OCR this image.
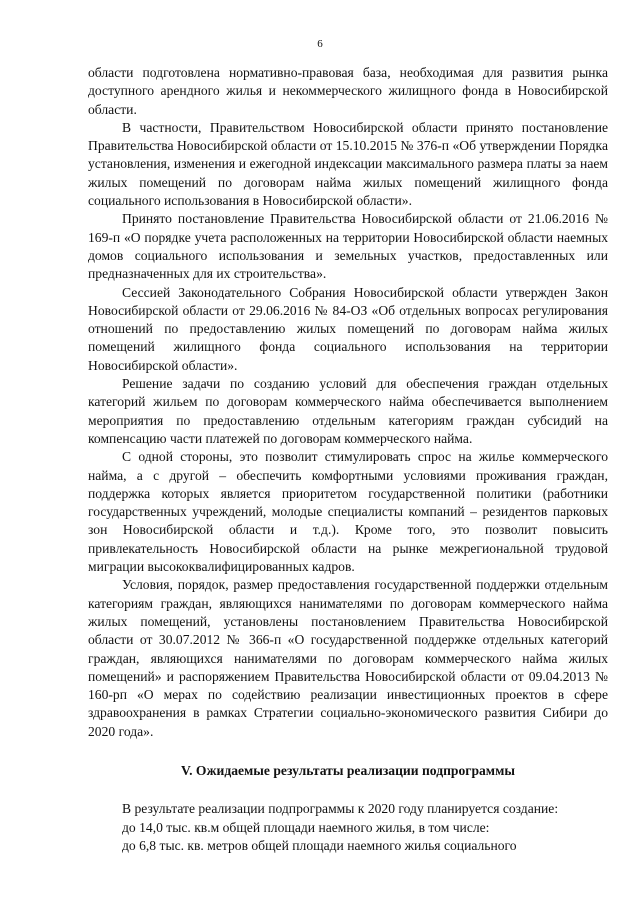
6

области подготовлена нормативно-правовая база, необходимая для развития рынка доступного арендного жилья и некоммерческого жилищного фонда в Новосибирской области.

В частности, Правительством Новосибирской области принято постановление Правительства Новосибирской области от 15.10.2015 № 376-п «Об утверждении Порядка установления, изменения и ежегодной индексации максимального размера платы за наем жилых помещений по договорам найма жилых помещений жилищного фонда социального использования в Новосибирской области».

Принято постановление Правительства Новосибирской области от 21.06.2016 № 169-п «О порядке учета расположенных на территории Новосибирской области наемных домов социального использования и земельных участков, предоставленных или предназначенных для их строительства».

Сессией Законодательного Собрания Новосибирской области утвержден Закон Новосибирской области от 29.06.2016 № 84-ОЗ «Об отдельных вопросах регулирования отношений по предоставлению жилых помещений по договорам найма жилых помещений жилищного фонда социального использования на территории Новосибирской области».

Решение задачи по созданию условий для обеспечения граждан отдельных категорий жильем по договорам коммерческого найма обеспечивается выполнением мероприятия по предоставлению отдельным категориям граждан субсидий на компенсацию части платежей по договорам коммерческого найма.

С одной стороны, это позволит стимулировать спрос на жилье коммерческого найма, а с другой – обеспечить комфортными условиями проживания граждан, поддержка которых является приоритетом государственной политики (работники государственных учреждений, молодые специалисты компаний – резидентов парковых зон Новосибирской области и т.д.). Кроме того, это позволит повысить привлекательность Новосибирской области на рынке межрегиональной трудовой миграции высококвалифицированных кадров.

Условия, порядок, размер предоставления государственной поддержки отдельным категориям граждан, являющихся нанимателями по договорам коммерческого найма жилых помещений, установлены постановлением Правительства Новосибирской области от 30.07.2012 № 366-п «О государственной поддержке отдельных категорий граждан, являющихся нанимателями по договорам коммерческого найма жилых помещений» и распоряжением Правительства Новосибирской области от 09.04.2013 № 160-рп «О мерах по содействию реализации инвестиционных проектов в сфере здравоохранения в рамках Стратегии социально-экономического развития Сибири до 2020 года».

V. Ожидаемые результаты реализации подпрограммы

В результате реализации подпрограммы к 2020 году планируется создание:

до 14,0 тыс. кв.м общей площади наемного жилья, в том числе:

до 6,8 тыс. кв. метров общей площади наемного жилья социального
